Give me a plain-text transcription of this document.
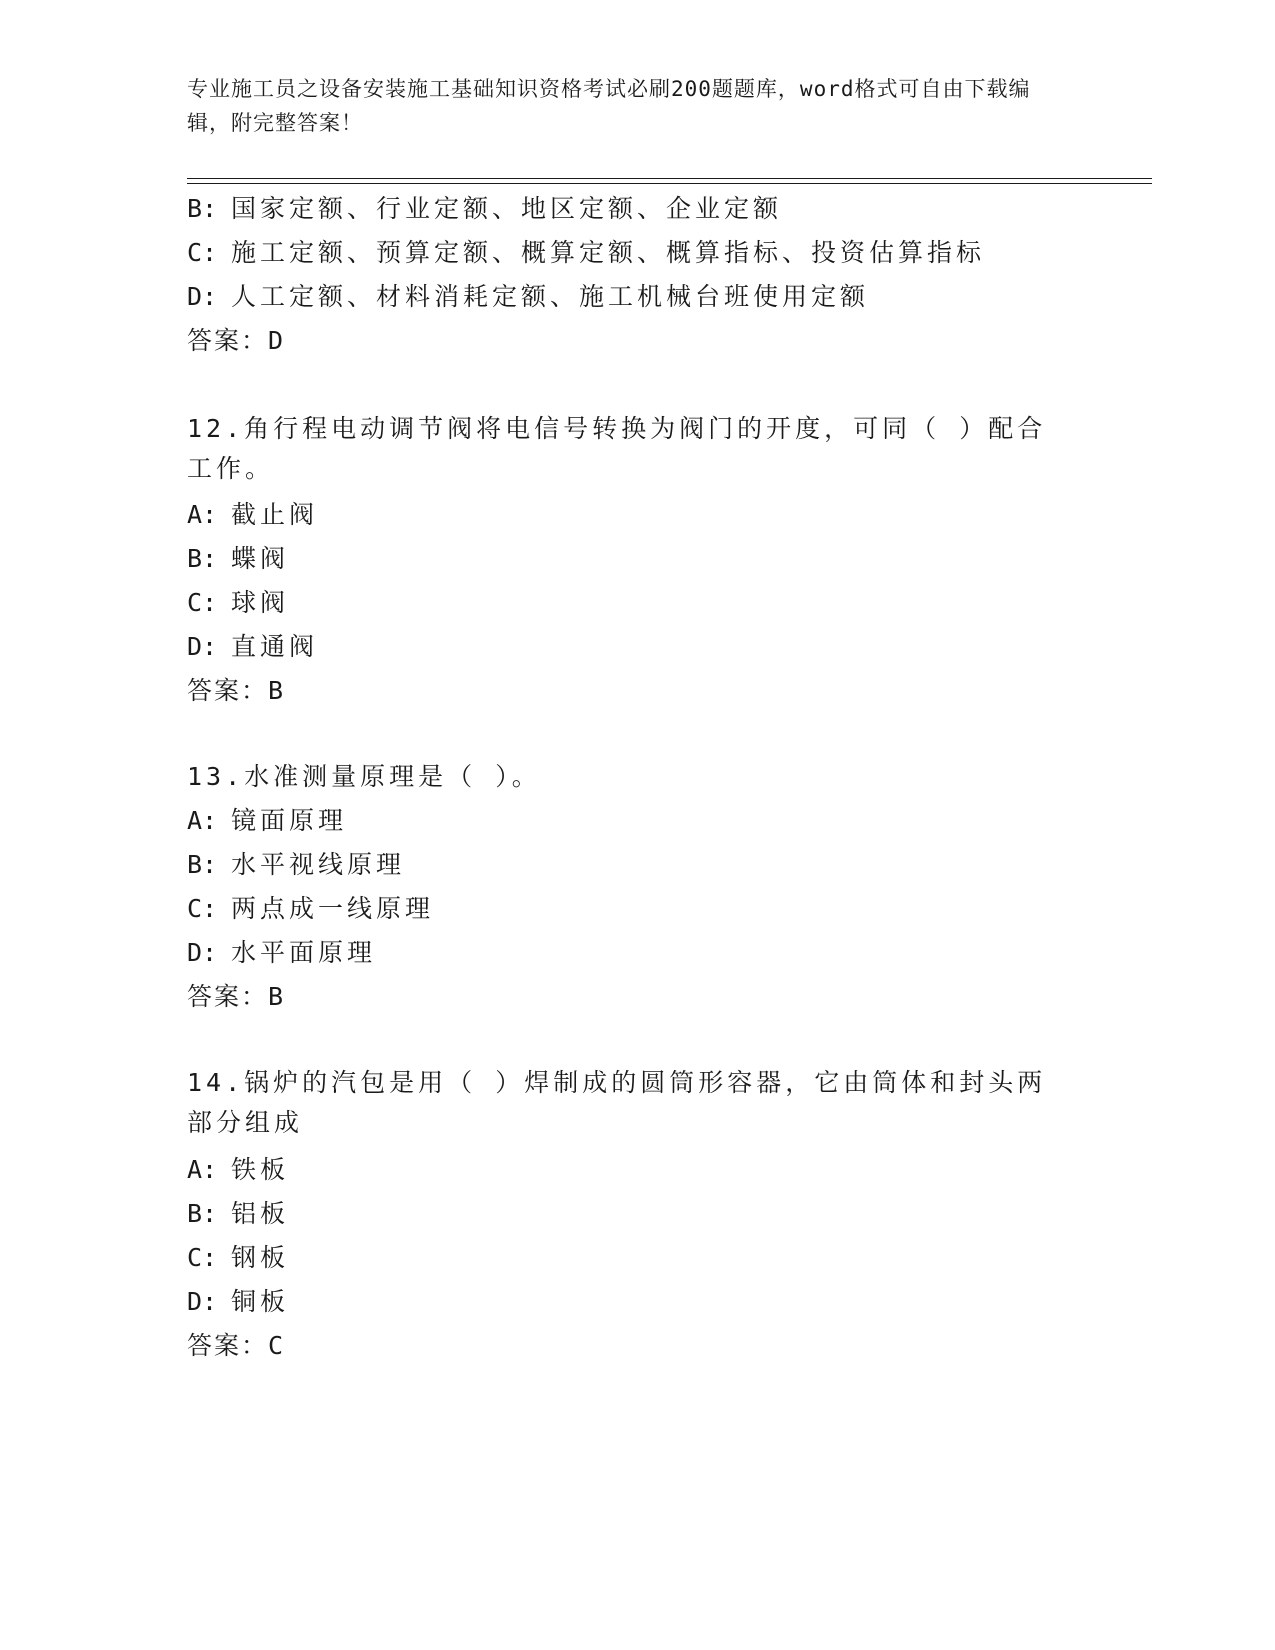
专业施工员之设备安装施工基础知识资格考试必刷200题题库，word格式可自由下载编辑，附完整答案！
B: 国家定额、行业定额、地区定额、企业定额
C: 施工定额、预算定额、概算定额、概算指标、投资估算指标
D: 人工定额、材料消耗定额、施工机械台班使用定额
答案：D
12.角行程电动调节阀将电信号转换为阀门的开度，可同（ ）配合工作。
A: 截止阀
B: 蝶阀
C: 球阀
D: 直通阀
答案：B
13.水准测量原理是（ ）。
A: 镜面原理
B: 水平视线原理
C: 两点成一线原理
D: 水平面原理
答案：B
14.锅炉的汽包是用（ ）焊制成的圆筒形容器，它由筒体和封头两部分组成
A: 铁板
B: 铝板
C: 钢板
D: 铜板
答案：C
